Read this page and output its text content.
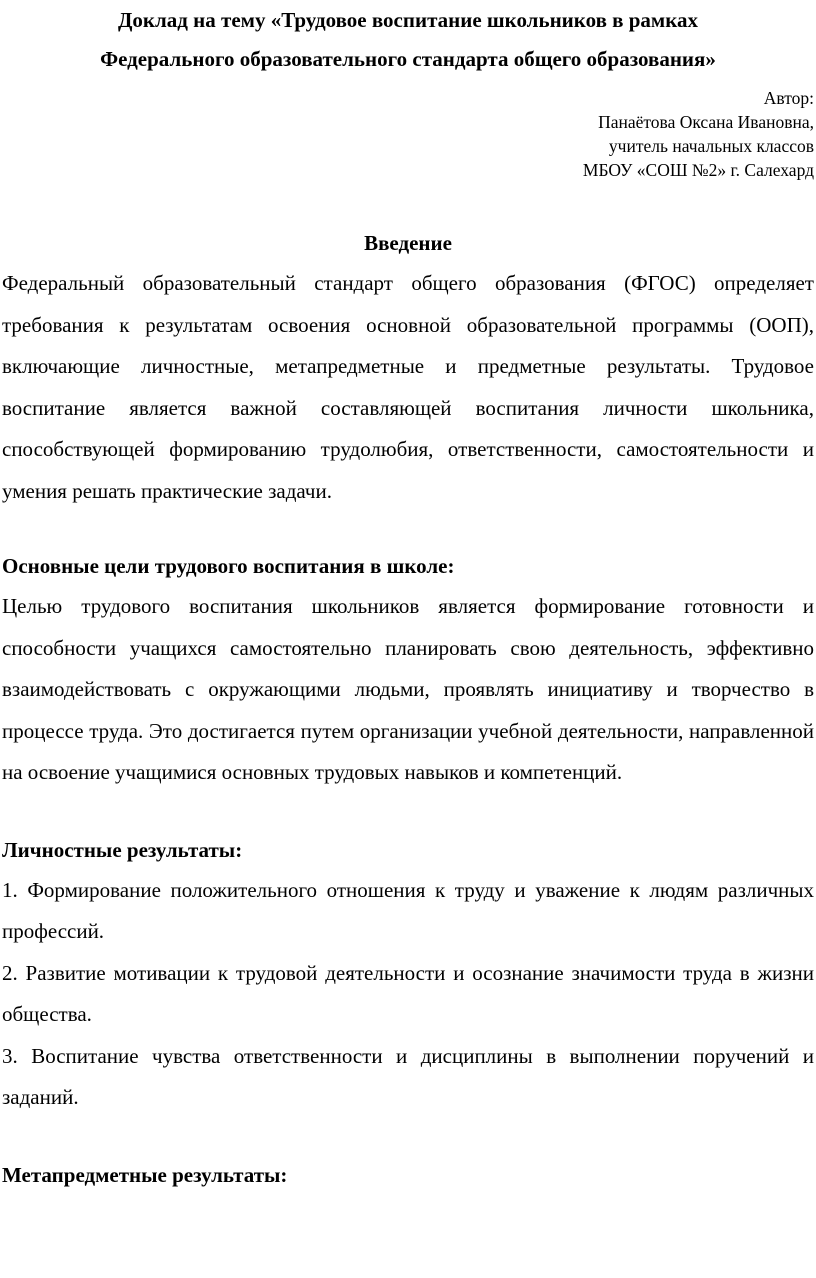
Доклад на тему «Трудовое воспитание школьников в рамках
Федерального образовательного стандарта общего образования»
Автор:
Панаётова Оксана Ивановна,
учитель начальных классов
МБОУ «СОШ №2» г. Салехард
Введение

Федеральный образовательный стандарт общего образования (ФГОС) определяет требования к результатам освоения основной образовательной программы (ООП), включающие личностные, метапредметные и предметные результаты. Трудовое воспитание является важной составляющей воспитания личности школьника, способствующей формированию трудолюбия, ответственности, самостоятельности и умения решать практические задачи.

Основные цели трудового воспитания в школе:

Целью трудового воспитания школьников является формирование готовности и способности учащихся самостоятельно планировать свою деятельность, эффективно взаимодействовать с окружающими людьми, проявлять инициативу и творчество в процессе труда. Это достигается путем организации учебной деятельности, направленной на освоение учащимися основных трудовых навыков и компетенций.

Личностные результаты:

1. Формирование положительного отношения к труду и уважение к людям различных профессий.

2. Развитие мотивации к трудовой деятельности и осознание значимости труда в жизни общества.

3. Воспитание чувства ответственности и дисциплины в выполнении поручений и заданий.

Метапредметные результаты:
